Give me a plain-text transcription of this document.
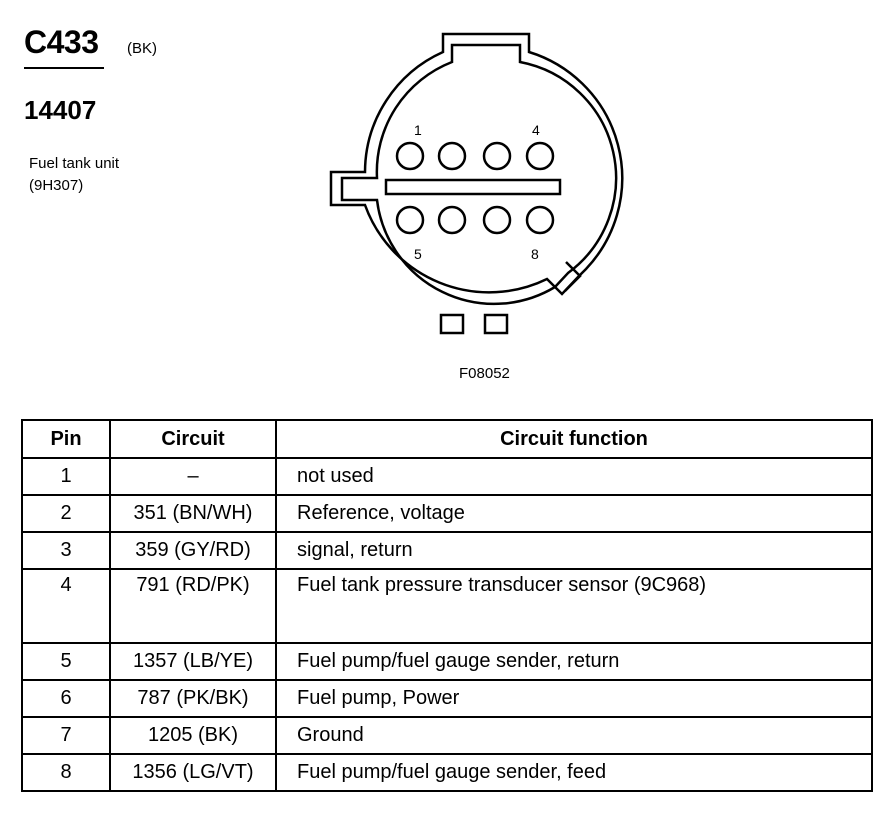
C433 (BK)
14407
Fuel tank unit
(9H307)
1	4
5	8
F08052
Pin	Circuit	Circuit function
1	–	not used
2	351 (BN/WH)	Reference, voltage
3	359 (GY/RD)	signal, return
4	791 (RD/PK)	Fuel tank pressure transducer sensor (9C968)
5	1357 (LB/YE)	Fuel pump/fuel gauge sender, return
6	787 (PK/BK)	Fuel pump, Power
7	1205 (BK)	Ground
8	1356 (LG/VT)	Fuel pump/fuel gauge sender, feed
